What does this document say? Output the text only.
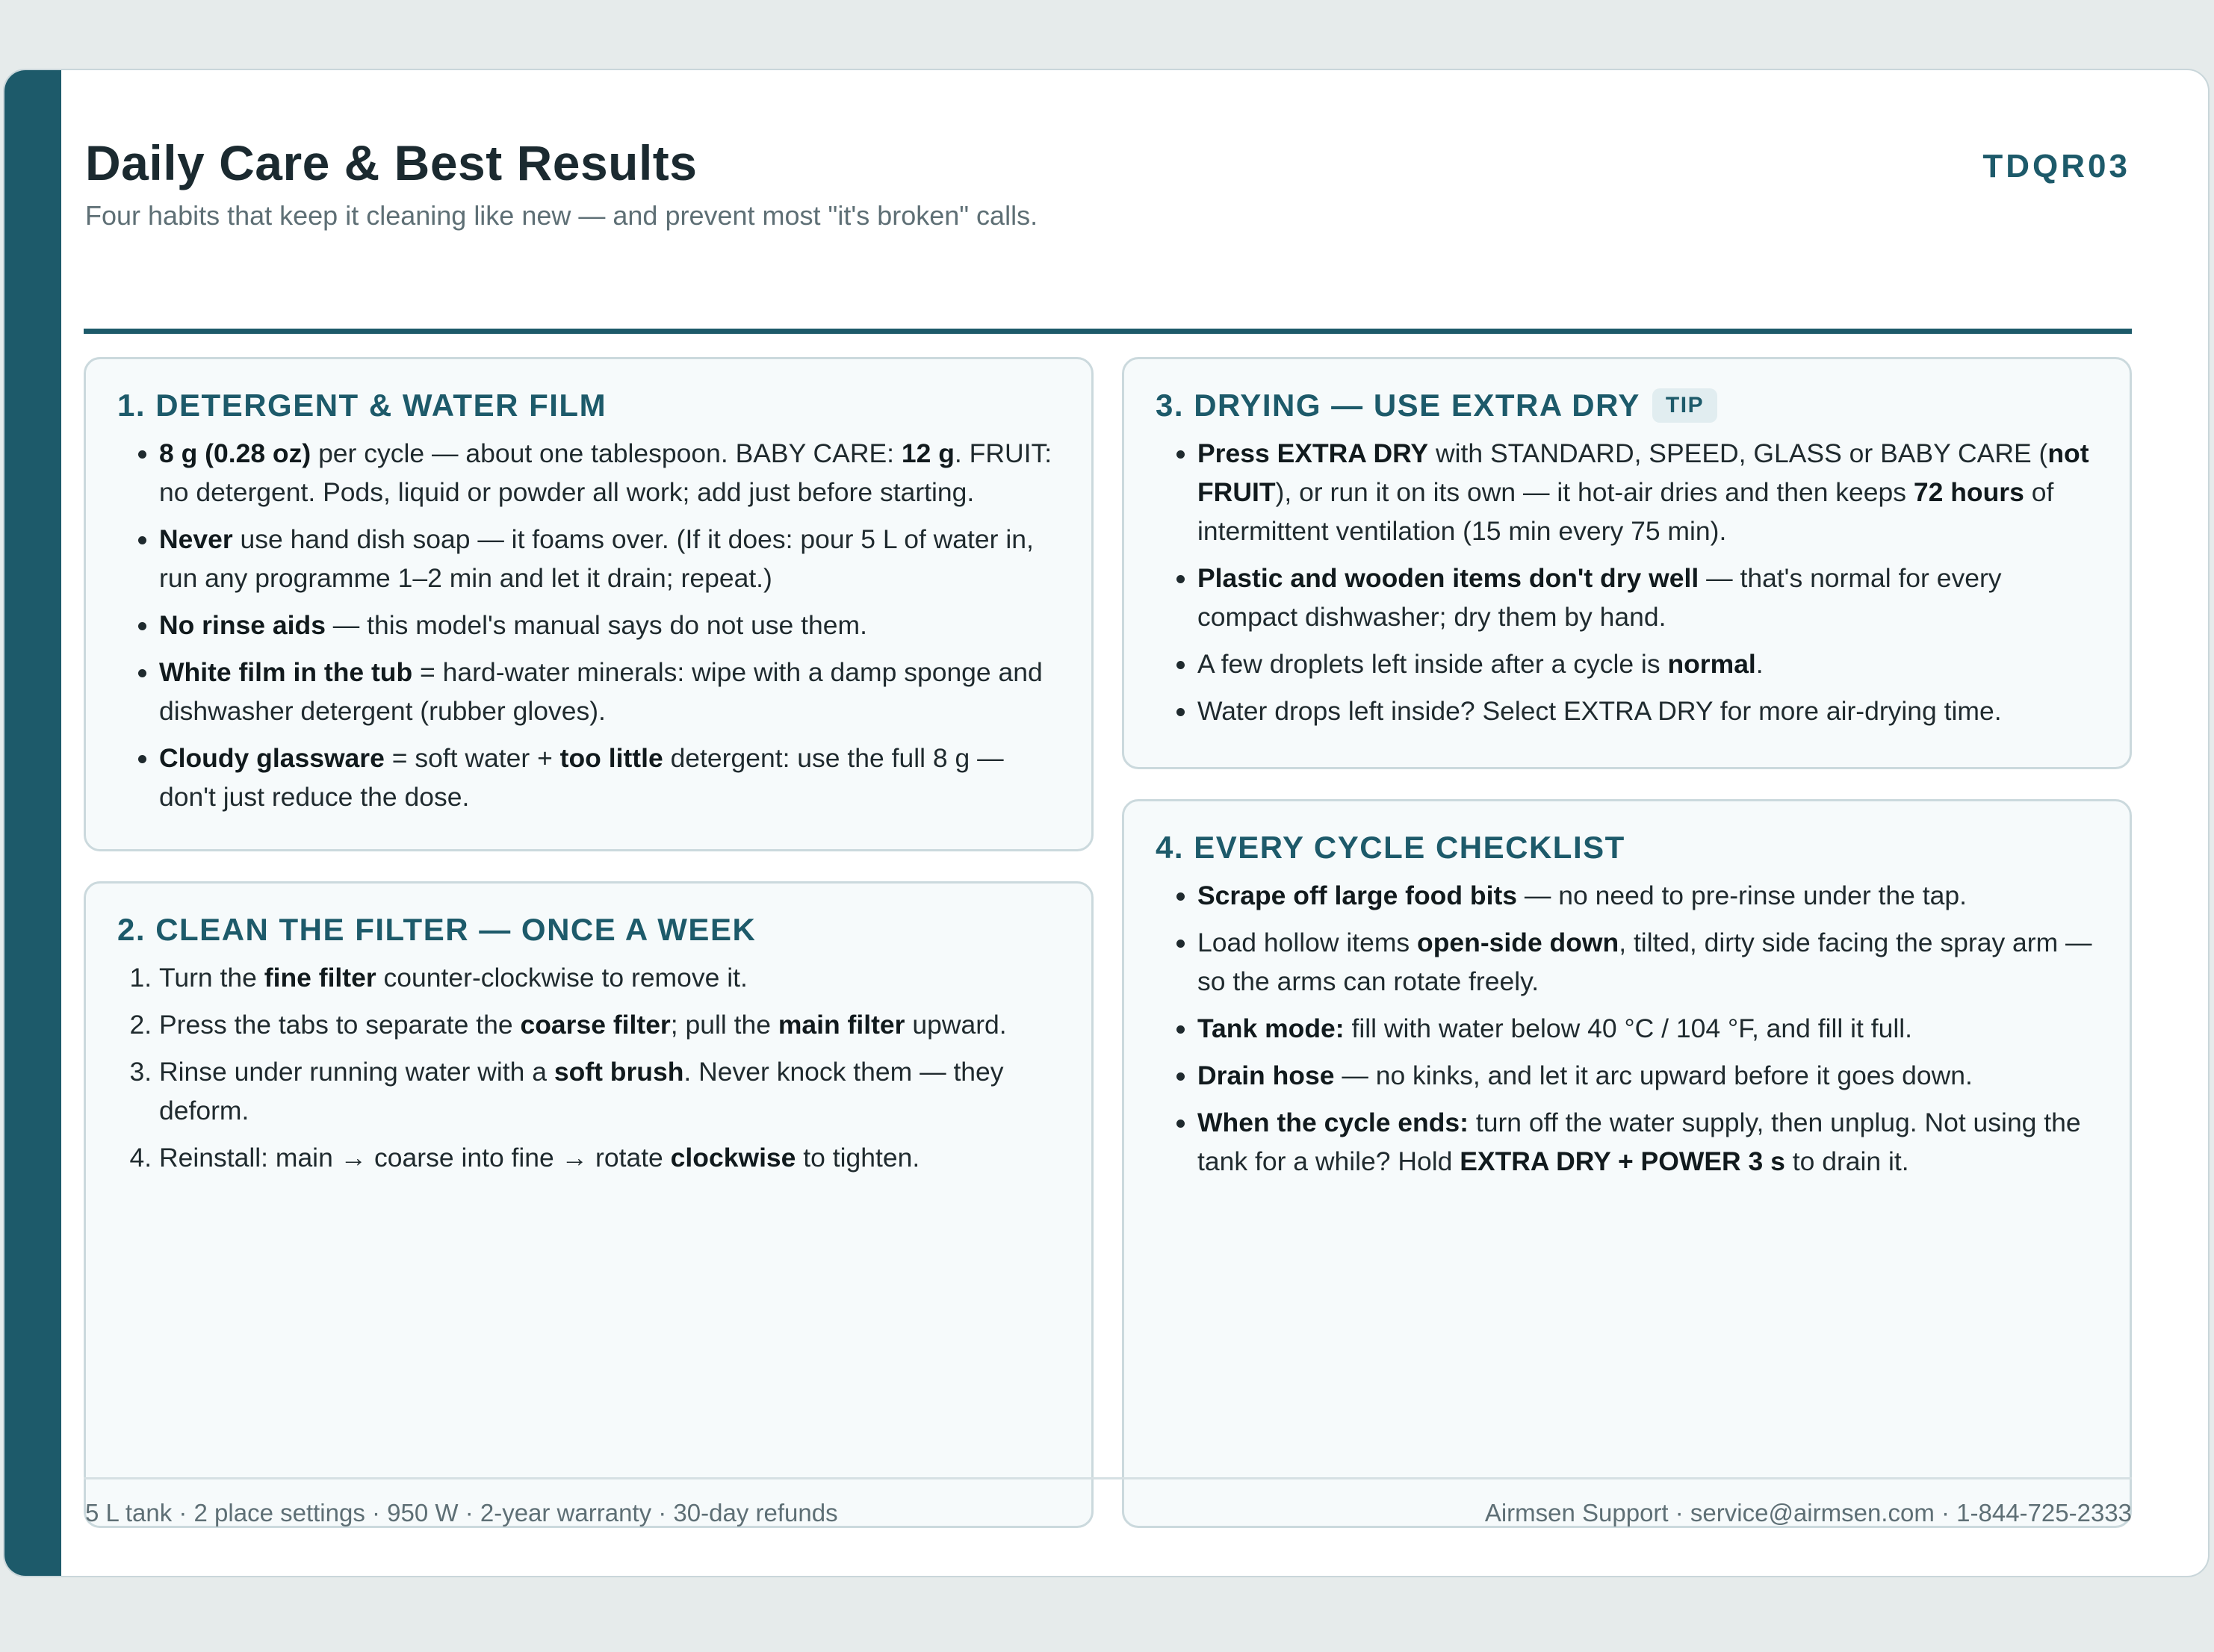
Daily Care & Best Results	TDQR03
Four habits that keep it cleaning like new — and prevent most "it's broken" calls.
1. DETERGENT & WATER FILM
• 8 g (0.28 oz) per cycle — about one tablespoon. BABY CARE: 12 g. FRUIT: no detergent. Pods, liquid or powder all work; add just before starting.
• Never use hand dish soap — it foams over. (If it does: pour 5 L of water in, run any programme 1–2 min and let it drain; repeat.)
• No rinse aids — this model's manual says do not use them.
• White film in the tub = hard-water minerals: wipe with a damp sponge and dishwasher detergent (rubber gloves).
• Cloudy glassware = soft water + too little detergent: use the full 8 g — don't just reduce the dose.
2. CLEAN THE FILTER — ONCE A WEEK
1. Turn the fine filter counter-clockwise to remove it.
2. Press the tabs to separate the coarse filter; pull the main filter upward.
3. Rinse under running water with a soft brush. Never knock them — they deform.
4. Reinstall: main → coarse into fine → rotate clockwise to tighten.
3. DRYING — USE EXTRA DRY	TIP
• Press EXTRA DRY with STANDARD, SPEED, GLASS or BABY CARE (not FRUIT), or run it on its own — it hot-air dries and then keeps 72 hours of intermittent ventilation (15 min every 75 min).
• Plastic and wooden items don't dry well — that's normal for every compact dishwasher; dry them by hand.
• A few droplets left inside after a cycle is normal.
• Water drops left inside? Select EXTRA DRY for more air-drying time.
4. EVERY CYCLE CHECKLIST
• Scrape off large food bits — no need to pre-rinse under the tap.
• Load hollow items open-side down, tilted, dirty side facing the spray arm — so the arms can rotate freely.
• Tank mode: fill with water below 40 °C / 104 °F, and fill it full.
• Drain hose — no kinks, and let it arc upward before it goes down.
• When the cycle ends: turn off the water supply, then unplug. Not using the tank for a while? Hold EXTRA DRY + POWER 3 s to drain it.
5 L tank · 2 place settings · 950 W · 2-year warranty · 30-day refunds	Airmsen Support · service@airmsen.com · 1-844-725-2333
